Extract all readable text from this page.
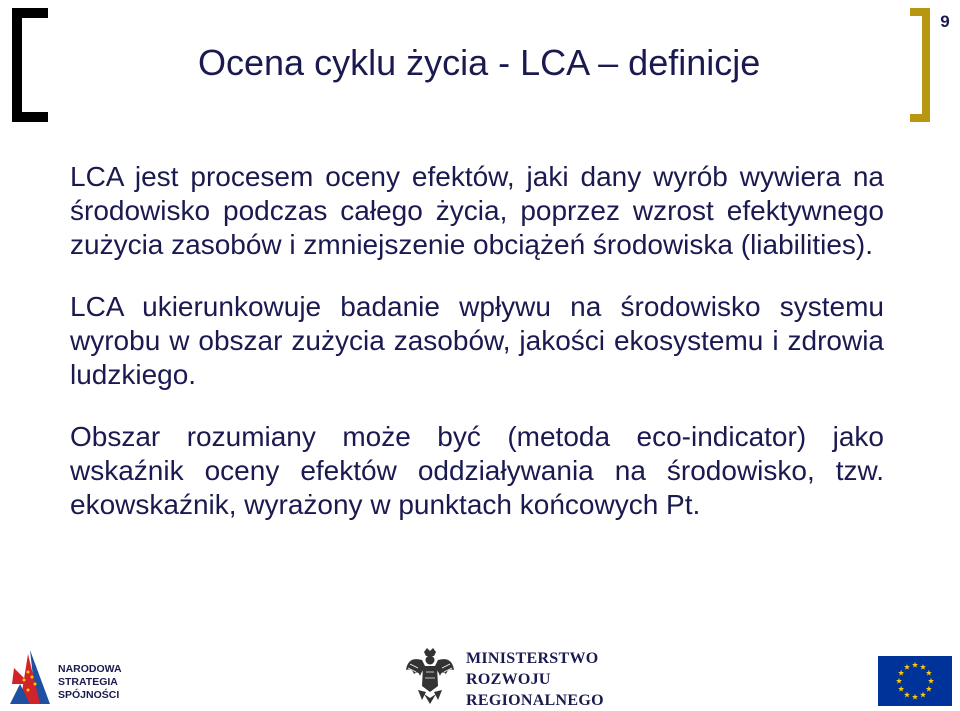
9
Ocena cyklu życia - LCA – definicje

LCA jest procesem oceny efektów, jaki dany wyrób wywiera na środowisko podczas całego życia, poprzez wzrost efektywnego zużycia zasobów i zmniejszenie obciążeń środowiska (liabilities).

LCA ukierunkowuje badanie wpływu na środowisko systemu wyrobu w obszar zużycia zasobów, jakości ekosystemu i zdrowia ludzkiego.

Obszar rozumiany może być (metoda eco-indicator) jako wskaźnik oceny efektów oddziaływania na środowisko, tzw. ekowskaźnik, wyrażony w punktach końcowych Pt.

NARODOWA
STRATEGIA SPÓJNOŚCI
MINISTERSTWO
ROZWOJU
REGIONALNEGO
